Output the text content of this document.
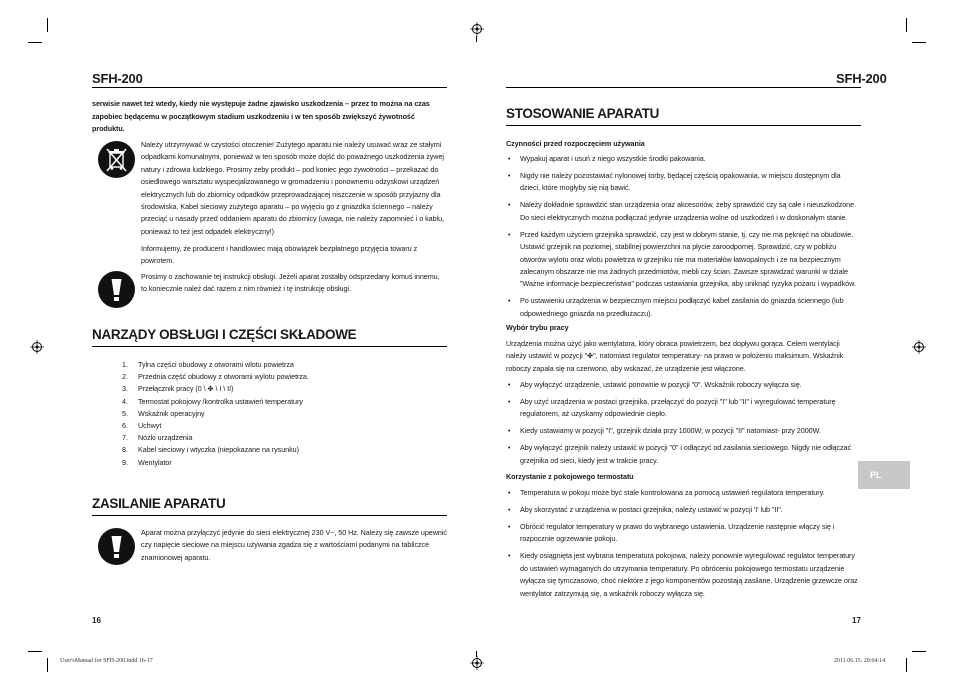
SFH-200
serwisie nawet też wtedy, kiedy nie występuje żadne zjawisko uszkodzenia – przez to można na czas zapobiec będącemu w początkowym stadium uszkodzeniu i w ten sposób zwiększyć żywotność produktu.
Należy utrzymywać w czystości otoczenie! Zużytego aparatu nie należy usuwać wraz ze stałymi odpadkami komunalnymi, ponieważ w ten sposób może dojść do poważnego uszkodzenia żywej natury i zdrowia ludzkiego. Prosimy zeby produkt – pod koniec jego żywotności – przekazać do osiedlowego warsztatu wyspecjalizowanego w gromadzeniu i ponownemu odzyskowi urządzeń elektrycznych lub do zbiornicy odpadków przeprowadzającej niszczenie w sposób przyjazny dla środowiska. Kabel sieciowy zużytego aparatu – po wyjęciu go z gniazdka ściennego – należy przeciąć u nasady przed oddaniem aparatu do zbiornicy (uwaga, nie należy zapomnieć i o kablu, ponieważ to też jest odpadek elektryczny!)
Informujemy, że producent i handlowiec mają obowiązek bezpłatnego przyjęcia towaru z powrotem.
Prosimy o zachowanie tej instrukcji obsługi. Jeżeli aparat zostałby odsprzedany komuś innemu, to koniecznie należ dać razem z nim również i tę instrukcję obsługi.
NARZĄDY OBSŁUGI I CZĘŚCI SKŁADOWE
1. Tylna części obudowy z otworami wlotu powietrza
2. Przednia część obudowy z otworami wylotu powietrza.
3. Przełącznik pracy (0 \ ✤ \ I \ II)
4. Termostat pokojowy /kontrolka ustawień temperatury
5. Wskaźnik operacyjny
6. Uchwyt
7. Nóżki urządzenia
8. Kabel sieciowy i wtyczka (niepokazane na rysunku)
9. Wentylator
ZASILANIE APARATU
Aparat można przyłączyć jedynie do sieci elektrycznej 230 V~, 50 Hz. Należy się zawsze upewnić czy napięcie sieciowe na miejscu używania zgadza się z wartościami podanymi na tabliczce znamionowej aparatu.
16
SFH-200
STOSOWANIE APARATU
Czynności przed rozpoczęciem używania
• Wypakuj aparat i usuń z niego wszystkie środki pakowania.
• Nigdy nie należy pozostawiać nylonowej torby, będącej częścią opakowania, w miejscu dostępnym dla dzieci, które mogłyby się nią bawić.
• Należy dokładnie sprawdzić stan urządzenia oraz akcesoriów, żeby sprawdzić czy są całe i nieuszkodzone. Do sieci elektrycznych można podłączać jedynie urządzenia wolne od uszkodzeń i w doskonałym stanie.
• Przed każdym użyciem grzejnika sprawdzić, czy jest w dobrym stanie, tj. czy nie ma pęknięć na obudowie. Ustawić grzejnik na poziomej, stabilnej powierzchni na płycie zaroodpornej. Sprawdzić, czy w pobliżu otworów wylotu oraz wlotu powietrza w grzejniku nie ma materiałów łatwopalnych i że na bezpiecznym zalecanym obszarze nie ma żadnych przedmiotów, mebli czy ścian. Zawsze sprawdzać warunki w dziale "Ważne informacje bezpieczeństwa" podczas ustawiania grzejnika, aby uniknąć ryzyka pożaru i wypadków.
• Po ustawieniu urządzenia w bezpiecznym miejscu podłączyć kabel zasilania do gniazda ściennego (lub odpowiedniego gniazda na przedłużaczu).
Wybór trybu pracy
Urządzenia można użyć jako wentylatora, który obraca powietrzem, bez dopływu gorąca. Celem wentylacji należy ustawić w pozycji "✤", natomiast regulator temperatury- na prawo w położeniu maksimum. Wskaźnik roboczy zapala się na czerwono, aby wskazać, że urządzenie jest włączone.
• Aby wyłączyć urządzenie, ustawić ponownie w pozycji "0". Wskaźnik roboczy wyłącza się.
• Aby użyć urządzenia w postaci grzejnika, przełączyć do pozycji "I" lub "II" i wyregulować temperaturę regulatorem, aż uzyskamy odpowiednie ciepło.
• Kiedy ustawiamy w pozycji "I", grzejnik działa przy 1000W; w pozycji "II" natomiast- przy 2000W.
• Aby wyłączyć grzejnik należy ustawić w pozycji "0" i odłączyć od zasilania sieciowego. Nigdy nie odłączać grzejnika od sieci, kiedy jest w trakcie pracy.
Korzystanie z pokojowego termostatu
• Temperatura w pokoju może być stale kontrolowana za pomocą ustawień regulatora temperatury.
• Aby skorzystać z urządzenia w postaci grzejnika, należy ustawić w pozycji 'I' lub "II".
• Obrócić regulator temperatury w prawo do wybranego ustawienia. Urządzenie następnie włączy się i rozpocznie ogrzewanie pokoju.
• Kiedy osiągnięta jest wybrana temperatura pokojowa, należy ponownie wyregulować regulator temperatury do ustawień wymaganych do utrzymania temperatury. Po obróceniu pokojowego termostatu urządzenie wyłącza się tymczasowo, choć niektóre z jego komponentów pozostają zasilane. Urządzenie grzewcze oraz wentylator zatrzymują się, a wskaźnik roboczy wyłącza się.
17
PL
User'sManual for SFH-200.indd 16-17	2011.06.15. 20:04:14
